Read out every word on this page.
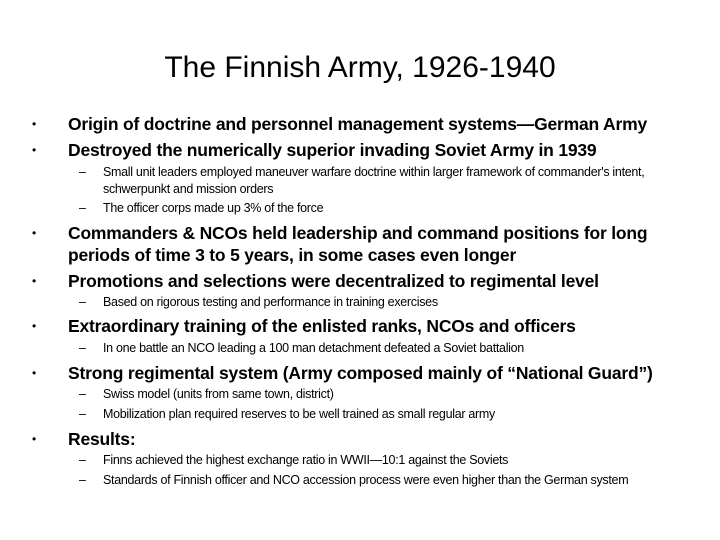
The Finnish Army, 1926-1940
• Origin of doctrine and personnel management systems—German Army
• Destroyed the numerically superior invading Soviet Army in 1939
– Small unit leaders employed maneuver warfare doctrine within larger framework of commander's intent, schwerpunkt and mission orders
– The officer corps made up 3% of the force
• Commanders & NCOs held leadership and command positions for long periods of time 3 to 5 years, in some cases even longer
• Promotions and selections were decentralized to regimental level
– Based on rigorous testing and performance in training exercises
• Extraordinary training of the enlisted ranks, NCOs and officers
– In one battle an NCO leading a 100 man detachment defeated a Soviet battalion
• Strong regimental system (Army composed mainly of “National Guard”)
– Swiss model (units from same town, district)
– Mobilization plan required reserves to be well trained as small regular army
• Results:
– Finns achieved the highest exchange ratio in WWII—10:1 against the Soviets
– Standards of Finnish officer and NCO accession process were even higher than the German system
